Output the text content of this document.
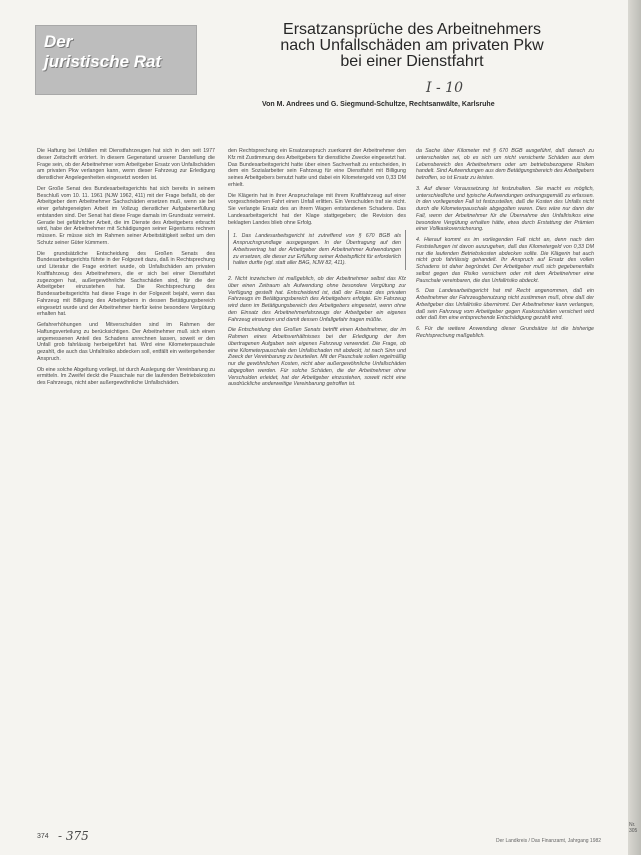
Der
juristische Rat
Ersatzansprüche des Arbeitnehmers
nach Unfallschäden am privaten Pkw
bei einer Dienstfahrt
I - 10
Von M. Andrees und G. Siegmund-Schultze, Rechtsanwälte, Karlsruhe

Die Haftung bei Unfällen mit Dienstfahrzeugen hat sich in den seit 1977 dieser Zeitschrift erörtert. In diesem Gegenstand unserer Darstellung die Frage sein, ob der Arbeitnehmer vom Arbeitgeber Ersatz von Unfallschäden am privaten Pkw verlangen kann, wenn dieser Fahrzeug zur Erledigung dienstlicher Angelegenheiten eingesetzt worden ist.

Der Große Senat des Bundesarbeitsgerichts hat sich bereits in seinem Beschluß vom 10. 11. 1961 (NJW 1962, 411) mit der Frage befaßt, ob der Arbeitgeber dem Arbeitnehmer Sachschäden ersetzen muß, wenn sie bei einer gefahrgeneigten Arbeit im Vollzug dienstlicher Aufgabenerfüllung entstanden sind. Der Senat hat diese Frage damals im Grundsatz verneint. Gerade bei gefährlicher Arbeit, die im Dienste des Arbeitgebers erbracht wird, habe der Arbeitnehmer mit Schädigungen seiner Eigentums rechnen müssen. Er müsse sich im Rahmen seiner Arbeitstätigkeit selbst um den Schutz seiner Güter kümmern.

Die grundsätzliche Entscheidung des Großen Senats des Bundesarbeitsgerichts führte in der Folgezeit dazu, daß in Rechtsprechung und Literatur die Frage erörtert wurde, ob Unfallschäden am privaten Kraftfahrzeug des Arbeitnehmers, die er sich bei einer Dienstfahrt zugezogen hat, außergewöhnliche Sachschäden sind, für die der Arbeitgeber einzustehen hat. Die Rechtsprechung des Bundesarbeitsgerichts hat diese Frage in der Folgezeit bejaht, wenn das Fahrzeug mit Billigung des Arbeitgebers in dessen Betätigungsbereich eingesetzt wurde und der Arbeitnehmer hierfür keine besondere Vergütung erhalten hat.

Gefahrerhöhungen und Mitverschulden sind im Rahmen der Haftungsverteilung zu berücksichtigen. Der Arbeitnehmer muß sich einen angemessenen Anteil des Schadens anrechnen lassen, soweit er den Unfall grob fahrlässig herbeigeführt hat. Wird eine Kilometerpauschale gezahlt, die auch das Unfallrisiko abdecken soll, entfällt ein weitergehender Anspruch.

Ob eine solche Abgeltung vorliegt, ist durch Auslegung der Vereinbarung zu ermitteln. Im Zweifel deckt die Pauschale nur die laufenden Betriebskosten des Fahrzeugs, nicht aber außergewöhnliche Unfallschäden.

den Rechtsprechung ein Ersatzanspruch zuerkannt der Arbeitnehmer den Kfz mit Zustimmung des Arbeitgebers für dienstliche Zwecke eingesetzt hat. Das Bundesarbeitsgericht hatte über einen Sachverhalt zu entscheiden, in dem ein Sozialarbeiter sein Fahrzeug für eine Dienstfahrt mit Billigung seines Arbeitgebers benutzt hatte und dabei ein Kilometergeld von 0,33 DM erhielt.

Die Klägerin hat in ihrer Anspruchslage mit ihrem Kraftfahrzeug auf einer vorgeschriebenen Fahrt einen Unfall erlitten. Ein Verschulden traf sie nicht. Sie verlangte Ersatz des an ihrem Wagen entstandenen Schadens. Das Landesarbeitsgericht hat der Klage stattgegeben; die Revision des beklagten Landes blieb ohne Erfolg.

1. Das Landesarbeitsgericht ist zutreffend von § 670 BGB als Anspruchsgrundlage ausgegangen. In der Übertragung auf den Arbeitsvertrag hat der Arbeitgeber dem Arbeitnehmer Aufwendungen zu ersetzen, die dieser zur Erfüllung seiner Arbeitspflicht für erforderlich halten durfte (vgl. statt aller BAG, NJW 82, 411).

2. Nicht inzwischen ist maßgeblich, ob der Arbeitnehmer selbst das Kfz über einen Zeitraum als Aufwendung ohne besondere Vergütung zur Verfügung gestellt hat. Entscheidend ist, daß der Einsatz des privaten Fahrzeugs im Betätigungsbereich des Arbeitgebers erfolgte. Ein Fahrzeug wird dann im Betätigungsbereich des Arbeitgebers eingesetzt, wenn ohne den Einsatz des Arbeitnehmerfahrzeugs der Arbeitgeber ein eigenes Fahrzeug einsetzen und damit dessen Unfallgefahr tragen müßte.

Die Entscheidung des Großen Senats betrifft einen Arbeitnehmer, der im Rahmen eines Arbeitsverhältnisses bei der Erledigung der ihm übertragenen Aufgaben sein eigenes Fahrzeug verwendet. Die Frage, ob eine Kilometerpauschale den Unfallschaden mit abdeckt, ist nach Sinn und Zweck der Vereinbarung zu beurteilen. Mit der Pauschale sollen regelmäßig nur die gewöhnlichen Kosten, nicht aber außergewöhnliche Unfallschäden abgegolten werden. Für solche Schäden, die der Arbeitnehmer ohne Verschulden erleidet, hat der Arbeitgeber einzustehen, soweit nicht eine ausdrückliche anderweitige Vereinbarung getroffen ist.

da Sache über Kilometer mit § 670 BGB ausgeführt, daß danach zu unterscheiden sei, ob es sich um nicht versicherte Schäden aus dem Lebensbereich des Arbeitnehmers oder um betriebsbezogene Risiken handelt. Sind Aufwendungen aus dem Betätigungsbereich des Arbeitgebers betroffen, so ist Ersatz zu leisten.

3. Auf dieser Voraussetzung ist festzuhalten. Sie macht es möglich, unterschiedliche und typische Aufwendungen ordnungsgemäß zu erfassen. In den vorliegenden Fall ist festzustellen, daß die Kosten des Unfalls nicht durch die Kilometerpauschale abgegolten waren. Dies wäre nur dann der Fall, wenn der Arbeitnehmer für die Übernahme des Unfallrisikos eine besondere Vergütung erhalten hätte, etwa durch Erstattung der Prämien einer Vollkaskoversicherung.

4. Hierauf kommt es im vorliegenden Fall nicht an, denn nach den Feststellungen ist davon auszugehen, daß das Kilometergeld von 0,33 DM nur die laufenden Betriebskosten abdecken sollte. Die Klägerin hat auch nicht grob fahrlässig gehandelt. Ihr Anspruch auf Ersatz des vollen Schadens ist daher begründet. Der Arbeitgeber muß sich gegebenenfalls selbst gegen das Risiko versichern oder mit dem Arbeitnehmer eine Pauschale vereinbaren, die das Unfallrisiko abdeckt.

5. Das Landesarbeitsgericht hat mit Recht angenommen, daß ein Arbeitnehmer der Fahrzeugbenutzung nicht zustimmen muß, ohne daß der Arbeitgeber das Unfallrisiko übernimmt. Der Arbeitnehmer kann verlangen, daß sein Fahrzeug vom Arbeitgeber gegen Kaskoschäden versichert wird oder daß ihm eine entsprechende Entschädigung gezahlt wird.

6. Für die weitere Anwendung dieser Grundsätze ist die bisherige Rechtsprechung maßgeblich.

374 - 375	Der Landkreis / Das Finanzamt, Jahrgang 1982
Nr. 305
